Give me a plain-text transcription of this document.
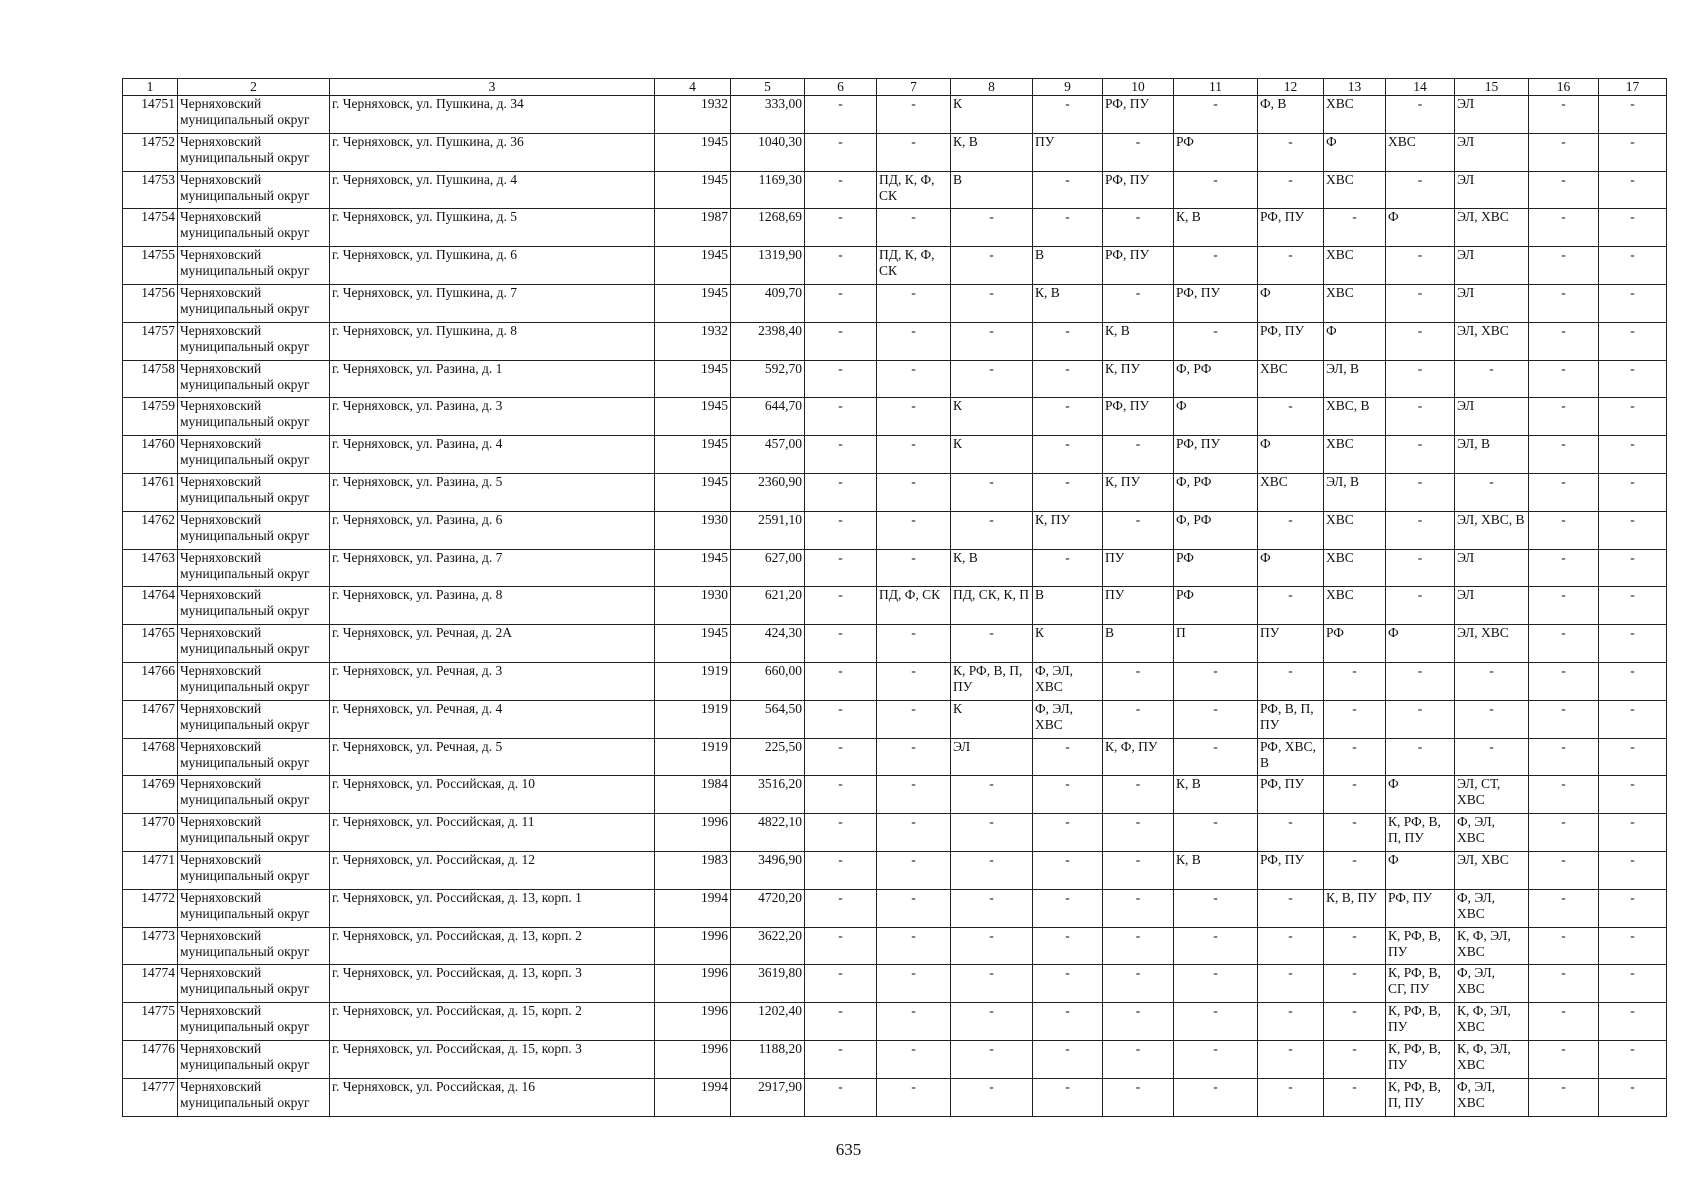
1	2	3	4	5	6	7	8	9	10	11	12	13	14	15	16	17
14751	Черняховский муниципальный округ	г. Черняховск, ул. Пушкина, д. 34	1932	333,00	-	-	К	-	РФ, ПУ	-	Ф, В	ХВС	-	ЭЛ	-	-
14752	Черняховский муниципальный округ	г. Черняховск, ул. Пушкина, д. 36	1945	1040,30	-	-	К, В	ПУ	-	РФ	-	Ф	ХВС	ЭЛ	-	-
14753	Черняховский муниципальный округ	г. Черняховск, ул. Пушкина, д. 4	1945	1169,30	-	ПД, К, Ф, СК	В	-	РФ, ПУ	-	-	ХВС	-	ЭЛ	-	-
14754	Черняховский муниципальный округ	г. Черняховск, ул. Пушкина, д. 5	1987	1268,69	-	-	-	-	-	К, В	РФ, ПУ	-	Ф	ЭЛ, ХВС	-	-
14755	Черняховский муниципальный округ	г. Черняховск, ул. Пушкина, д. 6	1945	1319,90	-	ПД, К, Ф, СК	-	В	РФ, ПУ	-	-	ХВС	-	ЭЛ	-	-
14756	Черняховский муниципальный округ	г. Черняховск, ул. Пушкина, д. 7	1945	409,70	-	-	-	К, В	-	РФ, ПУ	Ф	ХВС	-	ЭЛ	-	-
14757	Черняховский муниципальный округ	г. Черняховск, ул. Пушкина, д. 8	1932	2398,40	-	-	-	-	К, В	-	РФ, ПУ	Ф	-	ЭЛ, ХВС	-	-
14758	Черняховский муниципальный округ	г. Черняховск, ул. Разина, д. 1	1945	592,70	-	-	-	-	К, ПУ	Ф, РФ	ХВС	ЭЛ, В	-	-	-	-
14759	Черняховский муниципальный округ	г. Черняховск, ул. Разина, д. 3	1945	644,70	-	-	К	-	РФ, ПУ	Ф	-	ХВС, В	-	ЭЛ	-	-
14760	Черняховский муниципальный округ	г. Черняховск, ул. Разина, д. 4	1945	457,00	-	-	К	-	-	РФ, ПУ	Ф	ХВС	-	ЭЛ, В	-	-
14761	Черняховский муниципальный округ	г. Черняховск, ул. Разина, д. 5	1945	2360,90	-	-	-	-	К, ПУ	Ф, РФ	ХВС	ЭЛ, В	-	-	-	-
14762	Черняховский муниципальный округ	г. Черняховск, ул. Разина, д. 6	1930	2591,10	-	-	-	К, ПУ	-	Ф, РФ	-	ХВС	-	ЭЛ, ХВС, В	-	-
14763	Черняховский муниципальный округ	г. Черняховск, ул. Разина, д. 7	1945	627,00	-	-	К, В	-	ПУ	РФ	Ф	ХВС	-	ЭЛ	-	-
14764	Черняховский муниципальный округ	г. Черняховск, ул. Разина, д. 8	1930	621,20	-	ПД, Ф, СК	ПД, СК, К, П	В	ПУ	РФ	-	ХВС	-	ЭЛ	-	-
14765	Черняховский муниципальный округ	г. Черняховск, ул. Речная, д. 2А	1945	424,30	-	-	-	К	В	П	ПУ	РФ	Ф	ЭЛ, ХВС	-	-
14766	Черняховский муниципальный округ	г. Черняховск, ул. Речная, д. 3	1919	660,00	-	-	К, РФ, В, П, ПУ	Ф, ЭЛ, ХВС	-	-	-	-	-	-	-	-
14767	Черняховский муниципальный округ	г. Черняховск, ул. Речная, д. 4	1919	564,50	-	-	К	Ф, ЭЛ, ХВС	-	-	РФ, В, П, ПУ	-	-	-	-	-
14768	Черняховский муниципальный округ	г. Черняховск, ул. Речная, д. 5	1919	225,50	-	-	ЭЛ	-	К, Ф, ПУ	-	РФ, ХВС, В	-	-	-	-	-
14769	Черняховский муниципальный округ	г. Черняховск, ул. Российская, д. 10	1984	3516,20	-	-	-	-	-	К, В	РФ, ПУ	-	Ф	ЭЛ, СТ, ХВС	-	-
14770	Черняховский муниципальный округ	г. Черняховск, ул. Российская, д. 11	1996	4822,10	-	-	-	-	-	-	-	-	К, РФ, В, П, ПУ	Ф, ЭЛ, ХВС	-	-
14771	Черняховский муниципальный округ	г. Черняховск, ул. Российская, д. 12	1983	3496,90	-	-	-	-	-	К, В	РФ, ПУ	-	Ф	ЭЛ, ХВС	-	-
14772	Черняховский муниципальный округ	г. Черняховск, ул. Российская, д. 13, корп. 1	1994	4720,20	-	-	-	-	-	-	-	К, В, ПУ	РФ, ПУ	Ф, ЭЛ, ХВС	-	-
14773	Черняховский муниципальный округ	г. Черняховск, ул. Российская, д. 13, корп. 2	1996	3622,20	-	-	-	-	-	-	-	-	К, РФ, В, ПУ	К, Ф, ЭЛ, ХВС	-	-
14774	Черняховский муниципальный округ	г. Черняховск, ул. Российская, д. 13, корп. 3	1996	3619,80	-	-	-	-	-	-	-	-	К, РФ, В, СГ, ПУ	Ф, ЭЛ, ХВС	-	-
14775	Черняховский муниципальный округ	г. Черняховск, ул. Российская, д. 15, корп. 2	1996	1202,40	-	-	-	-	-	-	-	-	К, РФ, В, ПУ	К, Ф, ЭЛ, ХВС	-	-
14776	Черняховский муниципальный округ	г. Черняховск, ул. Российская, д. 15, корп. 3	1996	1188,20	-	-	-	-	-	-	-	-	К, РФ, В, ПУ	К, Ф, ЭЛ, ХВС	-	-
14777	Черняховский муниципальный округ	г. Черняховск, ул. Российская, д. 16	1994	2917,90	-	-	-	-	-	-	-	-	К, РФ, В, П, ПУ	Ф, ЭЛ, ХВС	-	-
635
